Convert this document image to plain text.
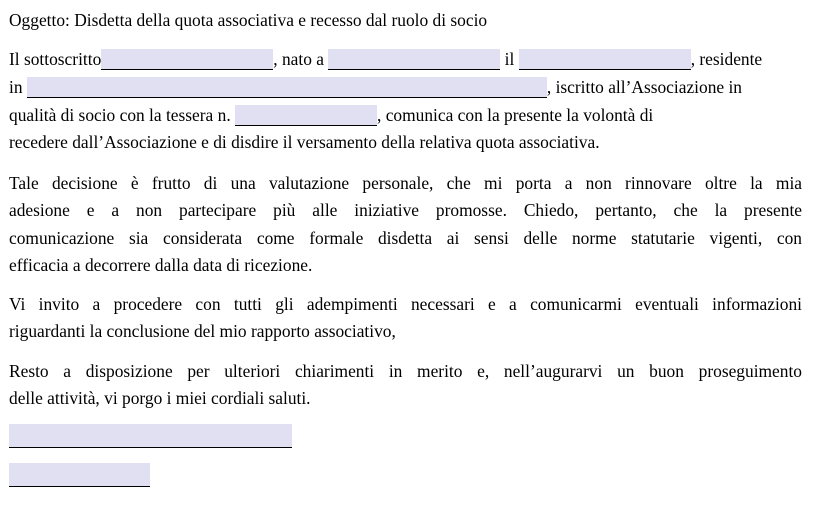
Oggetto: Disdetta della quota associativa e recesso dal ruolo di socio
Il sottoscritto	, nato a	il	, residente
in	, iscritto all’Associazione in
qualità di socio con la tessera n.	, comunica con la presente la volontà di
recedere dall’Associazione e di disdire il versamento della relativa quota associativa.
Tale decisione è frutto di una valutazione personale, che mi porta a non rinnovare oltre la mia
adesione e a non partecipare più alle iniziative promosse. Chiedo, pertanto, che la presente
comunicazione sia considerata come formale disdetta ai sensi delle norme statutarie vigenti, con
efficacia a decorrere dalla data di ricezione.
Vi invito a procedere con tutti gli adempimenti necessari e a comunicarmi eventuali informazioni
riguardanti la conclusione del mio rapporto associativo,
Resto a disposizione per ulteriori chiarimenti in merito e, nell’augurarvi un buon proseguimento
delle attività, vi porgo i miei cordiali saluti.
